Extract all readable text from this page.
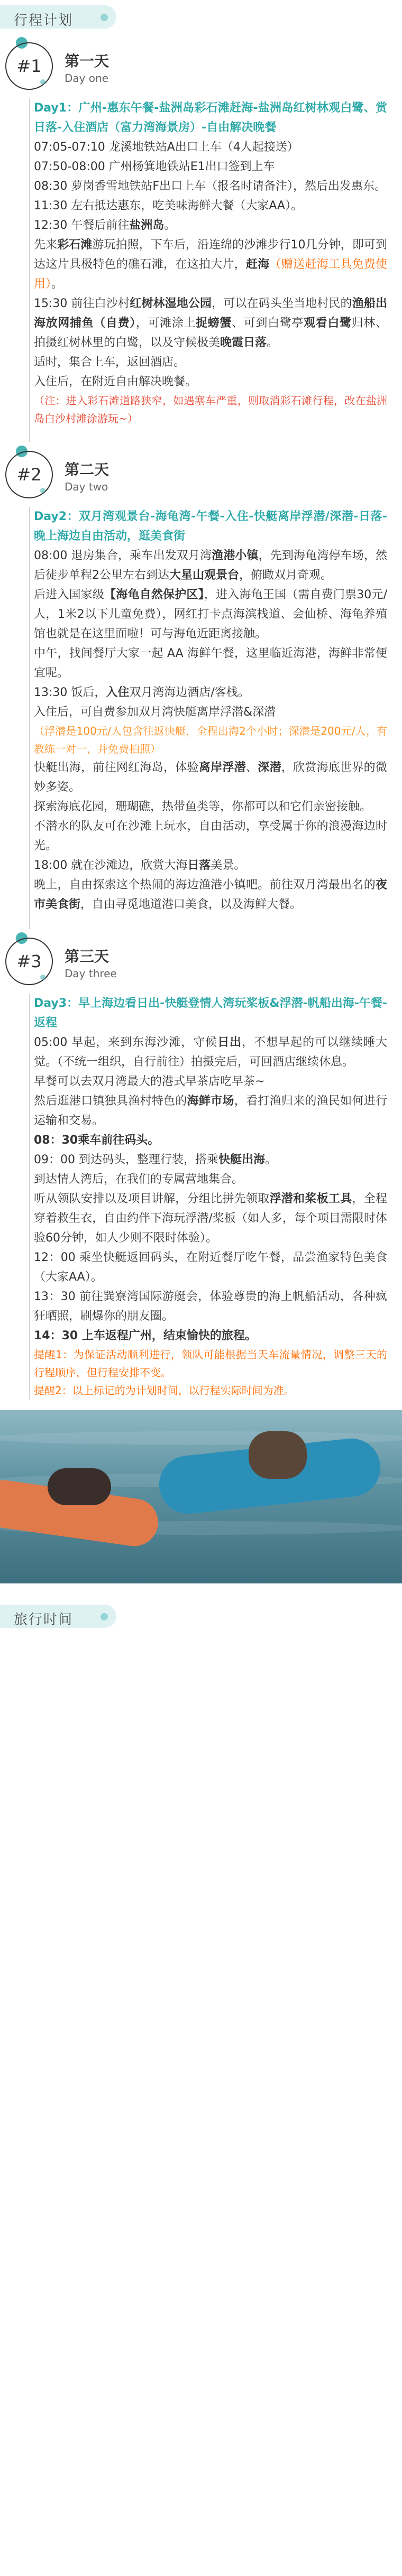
行程计划
#1	第一天
Day one

Day1：广州-惠东午餐-盐洲岛彩石滩赶海-盐洲岛红树林观白鹭、赏日落-入住酒店（富力湾海景房）-自由解决晚餐

07:05-07:10 龙溪地铁站A出口上车（4人起接送）

07:50-08:00 广州杨箕地铁站E1出口签到上车

08:30 萝岗香雪地铁站F出口上车（报名时请备注），然后出发惠东。

11:30 左右抵达惠东，吃美味海鲜大餐（大家AA）。

12:30 午餐后前往盐洲岛。

先来彩石滩游玩拍照，下车后，沿连绵的沙滩步行10几分钟，即可到达这片具极特色的礁石滩，在这拍大片，赶海（赠送赶海工具免费使用）。

15:30 前往白沙村红树林湿地公园，可以在码头坐当地村民的渔船出海放网捕鱼（自费），可滩涂上捉螃蟹、可到白鹭亭观看白鹭归林、拍摄红树林里的白鹭，以及守候极美晚霞日落。

适时，集合上车，返回酒店。

入住后，在附近自由解决晚餐。

（注：进入彩石滩道路狭窄，如遇塞车严重，则取消彩石滩行程，改在盐洲岛白沙村滩涂游玩~）

#2	第二天
Day two

Day2：双月湾观景台-海龟湾-午餐-入住-快艇离岸浮潜/深潜-日落-晚上海边自由活动，逛美食街

08:00 退房集合，乘车出发双月湾渔港小镇，先到海龟湾停车场，然后徒步单程2公里左右到达大星山观景台，俯瞰双月奇观。

后进入国家级【海龟自然保护区】，进入海龟王国（需自费门票30元/人，1米2以下儿童免费），网红打卡点海滨栈道、会仙桥、海龟养殖馆也就是在这里面啦！可与海龟近距离接触。

中午，找间餐厅大家一起 AA 海鲜午餐，这里临近海港，海鲜非常便宜呢。

13:30 饭后，入住双月湾海边酒店/客栈。

入住后，可自费参加双月湾快艇离岸浮潜&深潜

（浮潜是100元/人包含往返快艇，全程出海2个小时；深潜是200元/人，有教练一对一，并免费拍照）

快艇出海，前往网红海岛，体验离岸浮潜、深潜，欣赏海底世界的微妙多姿。

探索海底花园，珊瑚礁，热带鱼类等，你都可以和它们亲密接触。

不潜水的队友可在沙滩上玩水，自由活动，享受属于你的浪漫海边时光。

18:00 就在沙滩边，欣赏大海日落美景。

晚上，自由探索这个热闹的海边渔港小镇吧。前往双月湾最出名的夜市美食街，自由寻觅地道港口美食，以及海鲜大餐。

#3	第三天
Day three

Day3：早上海边看日出-快艇登情人湾玩桨板&浮潜-帆船出海-午餐-返程

05:00 早起，来到东海沙滩，守候日出，不想早起的可以继续睡大觉。（不统一组织，自行前往）拍摄完后，可回酒店继续休息。

早餐可以去双月湾最大的港式早茶店吃早茶~

然后逛港口镇独具渔村特色的海鲜市场，看打渔归来的渔民如何进行运输和交易。

08：30乘车前往码头。

09：00 到达码头，整理行装，搭乘快艇出海。

到达情人湾后，在我们的专属营地集合。

听从领队安排以及项目讲解，分组比拼先领取浮潜和桨板工具，全程穿着救生衣，自由约伴下海玩浮潜/桨板（如人多，每个项目需限时体验60分钟，如人少则不限时体验）。

12：00 乘坐快艇返回码头，在附近餐厅吃午餐，品尝渔家特色美食（大家AA）。

13：30 前往巽寮湾国际游艇会，体验尊贵的海上帆船活动，各种疯狂晒照，刷爆你的朋友圈。

14：30 上车返程广州，结束愉快的旅程。

提醒1：为保证活动顺利进行，领队可能根据当天车流量情况，调整三天的行程顺序，但行程安排不变。

提醒2：以上标记的为计划时间，以行程实际时间为准。

旅行时间
